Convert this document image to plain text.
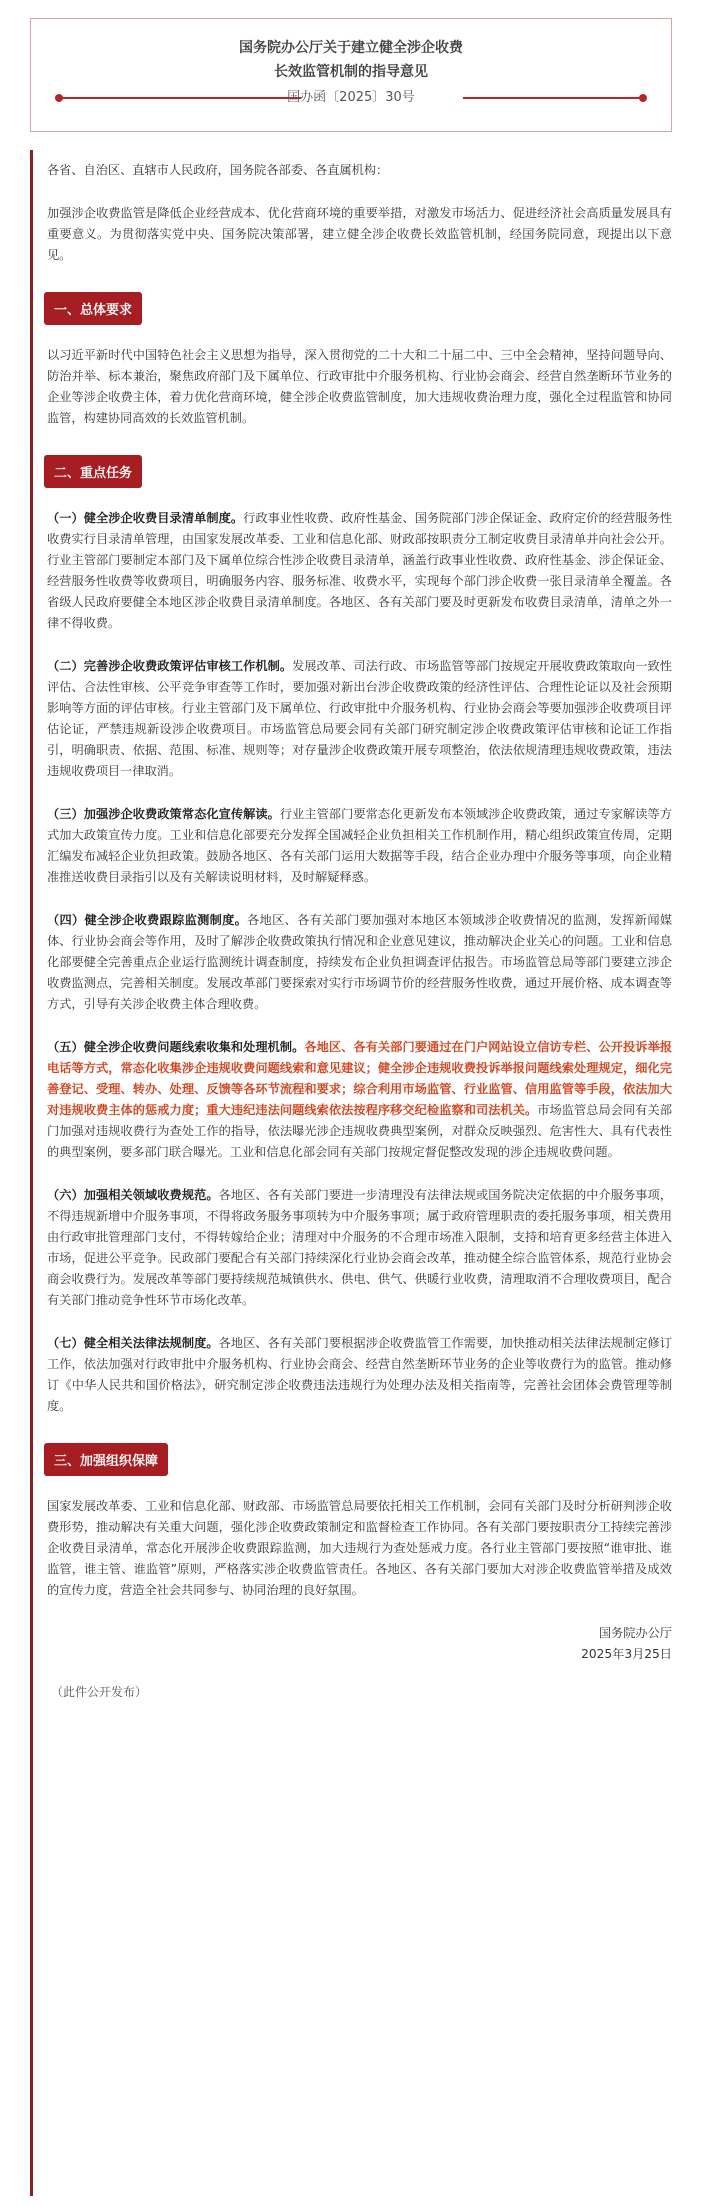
国务院办公厅关于建立健全涉企收费
长效监管机制的指导意见
国办函〔2025〕30号

各省、自治区、直辖市人民政府，国务院各部委、各直属机构：

加强涉企收费监管是降低企业经营成本、优化营商环境的重要举措，对激发市场活力、促进经济社会高质量发展具有重要意义。为贯彻落实党中央、国务院决策部署，建立健全涉企收费长效监管机制，经国务院同意，现提出以下意见。

一、总体要求

以习近平新时代中国特色社会主义思想为指导，深入贯彻党的二十大和二十届二中、三中全会精神，坚持问题导向、防治并举、标本兼治，聚焦政府部门及下属单位、行政审批中介服务机构、行业协会商会、经营自然垄断环节业务的企业等涉企收费主体，着力优化营商环境，健全涉企收费监管制度，加大违规收费治理力度，强化全过程监管和协同监管，构建协同高效的长效监管机制。

二、重点任务

（一）健全涉企收费目录清单制度。行政事业性收费、政府性基金、国务院部门涉企保证金、政府定价的经营服务性收费实行目录清单管理，由国家发展改革委、工业和信息化部、财政部按职责分工制定收费目录清单并向社会公开。行业主管部门要制定本部门及下属单位综合性涉企收费目录清单，涵盖行政事业性收费、政府性基金、涉企保证金、经营服务性收费等收费项目，明确服务内容、服务标准、收费水平，实现每个部门涉企收费一张目录清单全覆盖。各省级人民政府要健全本地区涉企收费目录清单制度。各地区、各有关部门要及时更新发布收费目录清单，清单之外一律不得收费。

（二）完善涉企收费政策评估审核工作机制。发展改革、司法行政、市场监管等部门按规定开展收费政策取向一致性评估、合法性审核、公平竞争审查等工作时，要加强对新出台涉企收费政策的经济性评估、合理性论证以及社会预期影响等方面的评估审核。行业主管部门及下属单位、行政审批中介服务机构、行业协会商会等要加强涉企收费项目评估论证，严禁违规新设涉企收费项目。市场监管总局要会同有关部门研究制定涉企收费政策评估审核和论证工作指引，明确职责、依据、范围、标准、规则等；对存量涉企收费政策开展专项整治，依法依规清理违规收费政策，违法违规收费项目一律取消。

（三）加强涉企收费政策常态化宣传解读。行业主管部门要常态化更新发布本领域涉企收费政策，通过专家解读等方式加大政策宣传力度。工业和信息化部要充分发挥全国减轻企业负担相关工作机制作用，精心组织政策宣传周，定期汇编发布减轻企业负担政策。鼓励各地区、各有关部门运用大数据等手段，结合企业办理中介服务等事项，向企业精准推送收费目录指引以及有关解读说明材料，及时解疑释惑。

（四）健全涉企收费跟踪监测制度。各地区、各有关部门要加强对本地区本领域涉企收费情况的监测，发挥新闻媒体、行业协会商会等作用，及时了解涉企收费政策执行情况和企业意见建议，推动解决企业关心的问题。工业和信息化部要健全完善重点企业运行监测统计调查制度，持续发布企业负担调查评估报告。市场监管总局等部门要建立涉企收费监测点，完善相关制度。发展改革部门要探索对实行市场调节价的经营服务性收费，通过开展价格、成本调查等方式，引导有关涉企收费主体合理收费。

（五）健全涉企收费问题线索收集和处理机制。各地区、各有关部门要通过在门户网站设立信访专栏、公开投诉举报电话等方式，常态化收集涉企违规收费问题线索和意见建议；健全涉企违规收费投诉举报问题线索处理规定，细化完善登记、受理、转办、处理、反馈等各环节流程和要求；综合利用市场监管、行业监管、信用监管等手段，依法加大对违规收费主体的惩戒力度；重大违纪违法问题线索依法按程序移交纪检监察和司法机关。市场监管总局会同有关部门加强对违规收费行为查处工作的指导，依法曝光涉企违规收费典型案例，对群众反映强烈、危害性大、具有代表性的典型案例，要多部门联合曝光。工业和信息化部会同有关部门按规定督促整改发现的涉企违规收费问题。

（六）加强相关领域收费规范。各地区、各有关部门要进一步清理没有法律法规或国务院决定依据的中介服务事项，不得违规新增中介服务事项，不得将政务服务事项转为中介服务事项；属于政府管理职责的委托服务事项，相关费用由行政审批管理部门支付，不得转嫁给企业；清理对中介服务的不合理市场准入限制，支持和培育更多经营主体进入市场，促进公平竞争。民政部门要配合有关部门持续深化行业协会商会改革，推动健全综合监管体系，规范行业协会商会收费行为。发展改革等部门要持续规范城镇供水、供电、供气、供暖行业收费，清理取消不合理收费项目，配合有关部门推动竞争性环节市场化改革。

（七）健全相关法律法规制度。各地区、各有关部门要根据涉企收费监管工作需要，加快推动相关法律法规制定修订工作，依法加强对行政审批中介服务机构、行业协会商会、经营自然垄断环节业务的企业等收费行为的监管。推动修订《中华人民共和国价格法》，研究制定涉企收费违法违规行为处理办法及相关指南等，完善社会团体会费管理等制度。

三、加强组织保障

国家发展改革委、工业和信息化部、财政部、市场监管总局要依托相关工作机制，会同有关部门及时分析研判涉企收费形势，推动解决有关重大问题，强化涉企收费政策制定和监督检查工作协同。各有关部门要按职责分工持续完善涉企收费目录清单，常态化开展涉企收费跟踪监测，加大违规行为查处惩戒力度。各行业主管部门要按照“谁审批、谁监管，谁主管、谁监管”原则，严格落实涉企收费监管责任。各地区、各有关部门要加大对涉企收费监管举措及成效的宣传力度，营造全社会共同参与、协同治理的良好氛围。

国务院办公厅
2025年3月25日
（此件公开发布）
